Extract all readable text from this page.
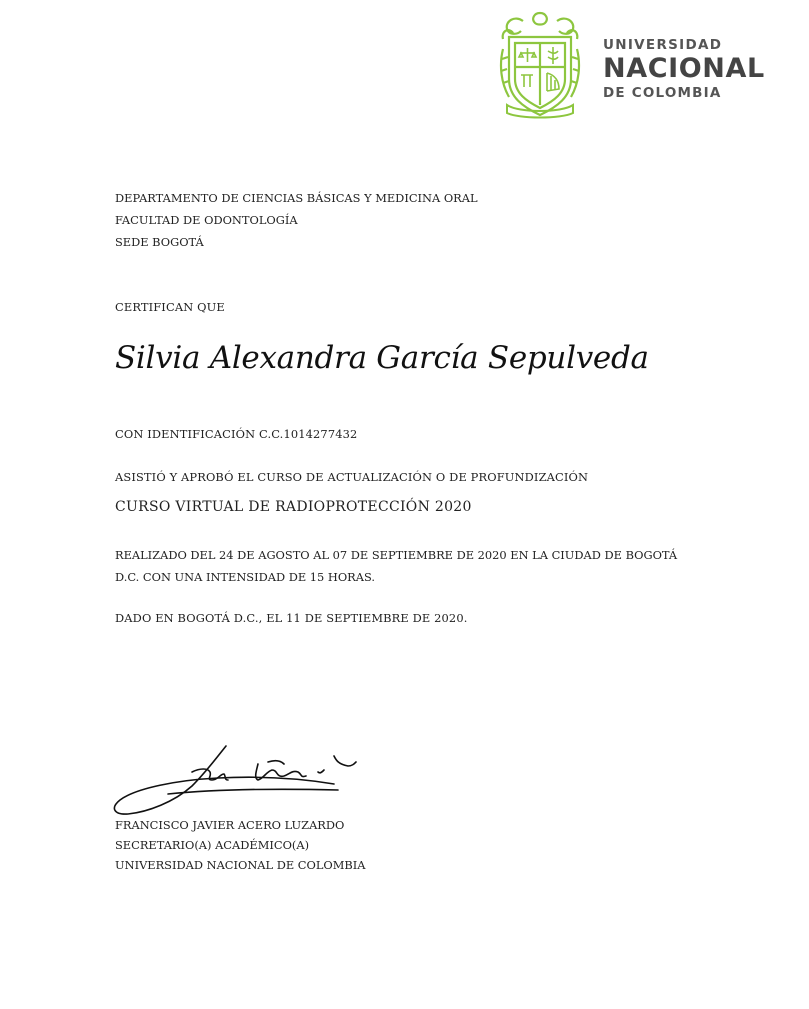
UNIVERSIDAD
NACIONAL
DE COLOMBIA
DEPARTAMENTO DE CIENCIAS BÁSICAS Y MEDICINA ORAL
FACULTAD DE ODONTOLOGÍA
SEDE BOGOTÁ
CERTIFICAN QUE
Silvia Alexandra García Sepulveda
CON IDENTIFICACIÓN C.C.1014277432
ASISTIÓ Y APROBÓ EL CURSO DE ACTUALIZACIÓN O DE PROFUNDIZACIÓN
CURSO VIRTUAL DE RADIOPROTECCIÓN 2020
REALIZADO DEL 24 DE AGOSTO AL 07 DE SEPTIEMBRE DE 2020 EN LA CIUDAD DE BOGOTÁ
D.C. CON UNA INTENSIDAD DE 15 HORAS.
DADO EN BOGOTÁ D.C., EL 11 DE SEPTIEMBRE DE 2020.
FRANCISCO JAVIER ACERO LUZARDO
SECRETARIO(A) ACADÉMICO(A)
UNIVERSIDAD NACIONAL DE COLOMBIA
